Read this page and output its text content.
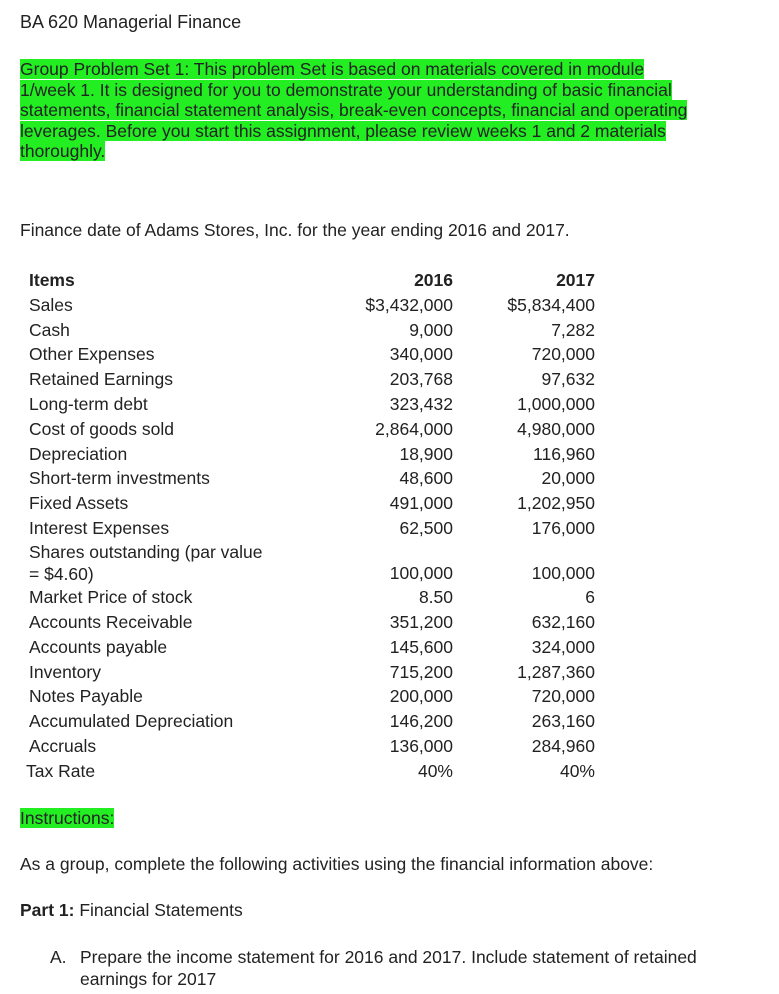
BA 620 Managerial Finance
Group Problem Set 1: This problem Set is based on materials covered in module
1/week 1. It is designed for you to demonstrate your understanding of basic financial
statements, financial statement analysis, break-even concepts, financial and operating
leverages. Before you start this assignment, please review weeks 1 and 2 materials
thoroughly.
Finance date of Adams Stores, Inc. for the year ending 2016 and 2017.
Items	2016	2017
Sales	$3,432,000	$5,834,400
Cash	9,000	7,282
Other Expenses	340,000	720,000
Retained Earnings	203,768	97,632
Long-term debt	323,432	1,000,000
Cost of goods sold	2,864,000	4,980,000
Depreciation	18,900	116,960
Short-term investments	48,600	20,000
Fixed Assets	491,000	1,202,950
Interest Expenses	62,500	176,000
Shares outstanding (par value
= $4.60)	100,000	100,000
Market Price of stock	8.50	6
Accounts Receivable	351,200	632,160
Accounts payable	145,600	324,000
Inventory	715,200	1,287,360
Notes Payable	200,000	720,000
Accumulated Depreciation	146,200	263,160
Accruals	136,000	284,960
Tax Rate	40%	40%
Instructions:
As a group, complete the following activities using the financial information above:
Part 1: Financial Statements
A. Prepare the income statement for 2016 and 2017. Include statement of retained
earnings for 2017
